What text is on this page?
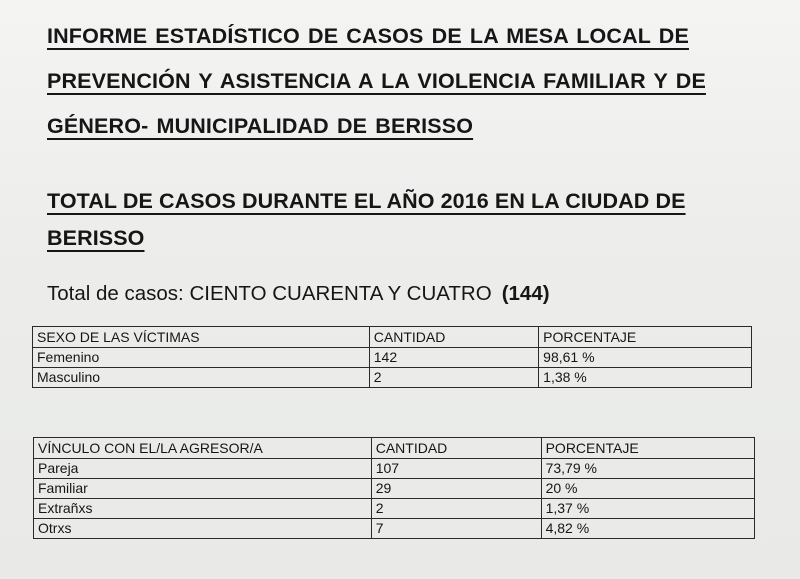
INFORME ESTADÍSTICO DE CASOS DE LA MESA LOCAL DE
PREVENCIÓN Y ASISTENCIA A LA VIOLENCIA FAMILIAR Y DE
GÉNERO- MUNICIPALIDAD DE BERISSO
TOTAL DE CASOS DURANTE EL AÑO 2016 EN LA CIUDAD DE
BERISSO
Total de casos: CIENTO CUARENTA Y CUATRO (144)
SEXO DE LAS VÍCTIMAS	CANTIDAD	PORCENTAJE
Femenino	142	98,61 %
Masculino	2	1,38 %
VÍNCULO CON EL/LA AGRESOR/A	CANTIDAD	PORCENTAJE
Pareja	107	73,79 %
Familiar	29	20 %
Extrañxs	2	1,37 %
Otrxs	7	4,82 %
